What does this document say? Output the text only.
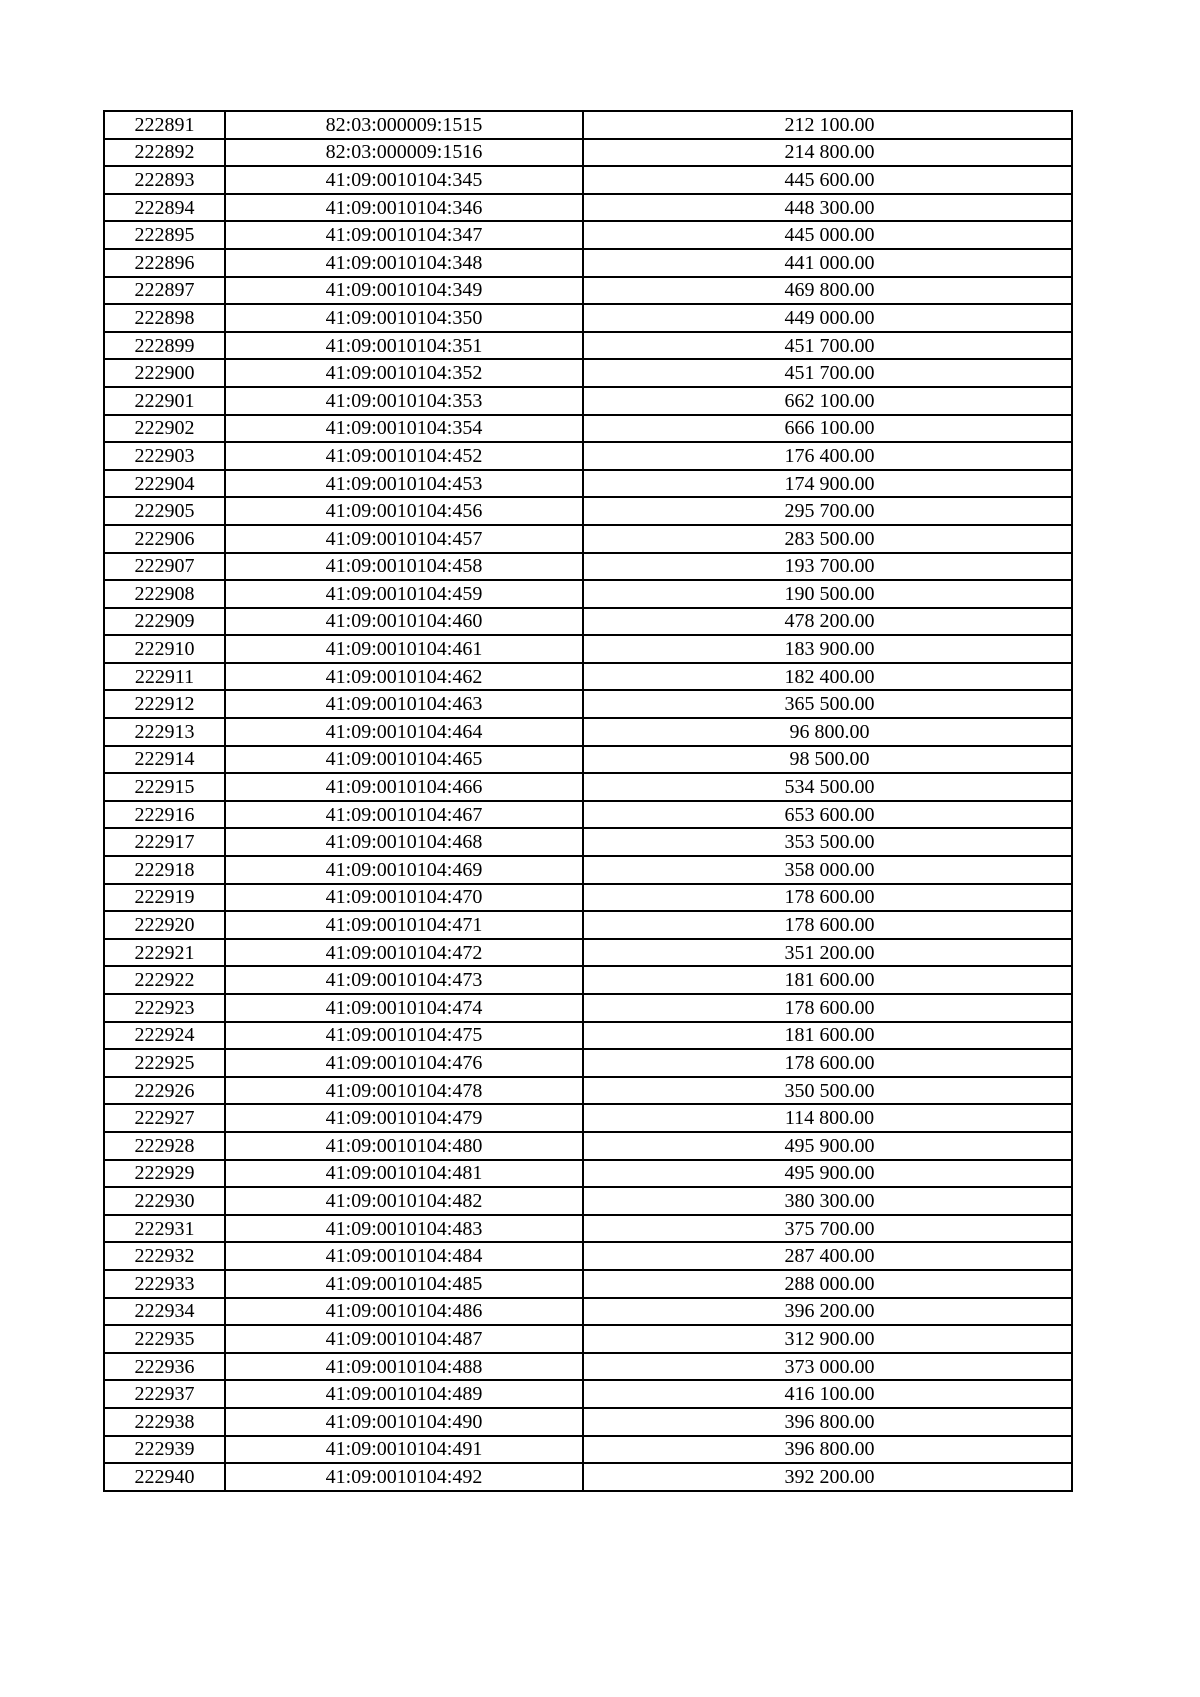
222891	82:03:000009:1515	212 100.00
222892	82:03:000009:1516	214 800.00
222893	41:09:0010104:345	445 600.00
222894	41:09:0010104:346	448 300.00
222895	41:09:0010104:347	445 000.00
222896	41:09:0010104:348	441 000.00
222897	41:09:0010104:349	469 800.00
222898	41:09:0010104:350	449 000.00
222899	41:09:0010104:351	451 700.00
222900	41:09:0010104:352	451 700.00
222901	41:09:0010104:353	662 100.00
222902	41:09:0010104:354	666 100.00
222903	41:09:0010104:452	176 400.00
222904	41:09:0010104:453	174 900.00
222905	41:09:0010104:456	295 700.00
222906	41:09:0010104:457	283 500.00
222907	41:09:0010104:458	193 700.00
222908	41:09:0010104:459	190 500.00
222909	41:09:0010104:460	478 200.00
222910	41:09:0010104:461	183 900.00
222911	41:09:0010104:462	182 400.00
222912	41:09:0010104:463	365 500.00
222913	41:09:0010104:464	96 800.00
222914	41:09:0010104:465	98 500.00
222915	41:09:0010104:466	534 500.00
222916	41:09:0010104:467	653 600.00
222917	41:09:0010104:468	353 500.00
222918	41:09:0010104:469	358 000.00
222919	41:09:0010104:470	178 600.00
222920	41:09:0010104:471	178 600.00
222921	41:09:0010104:472	351 200.00
222922	41:09:0010104:473	181 600.00
222923	41:09:0010104:474	178 600.00
222924	41:09:0010104:475	181 600.00
222925	41:09:0010104:476	178 600.00
222926	41:09:0010104:478	350 500.00
222927	41:09:0010104:479	114 800.00
222928	41:09:0010104:480	495 900.00
222929	41:09:0010104:481	495 900.00
222930	41:09:0010104:482	380 300.00
222931	41:09:0010104:483	375 700.00
222932	41:09:0010104:484	287 400.00
222933	41:09:0010104:485	288 000.00
222934	41:09:0010104:486	396 200.00
222935	41:09:0010104:487	312 900.00
222936	41:09:0010104:488	373 000.00
222937	41:09:0010104:489	416 100.00
222938	41:09:0010104:490	396 800.00
222939	41:09:0010104:491	396 800.00
222940	41:09:0010104:492	392 200.00
